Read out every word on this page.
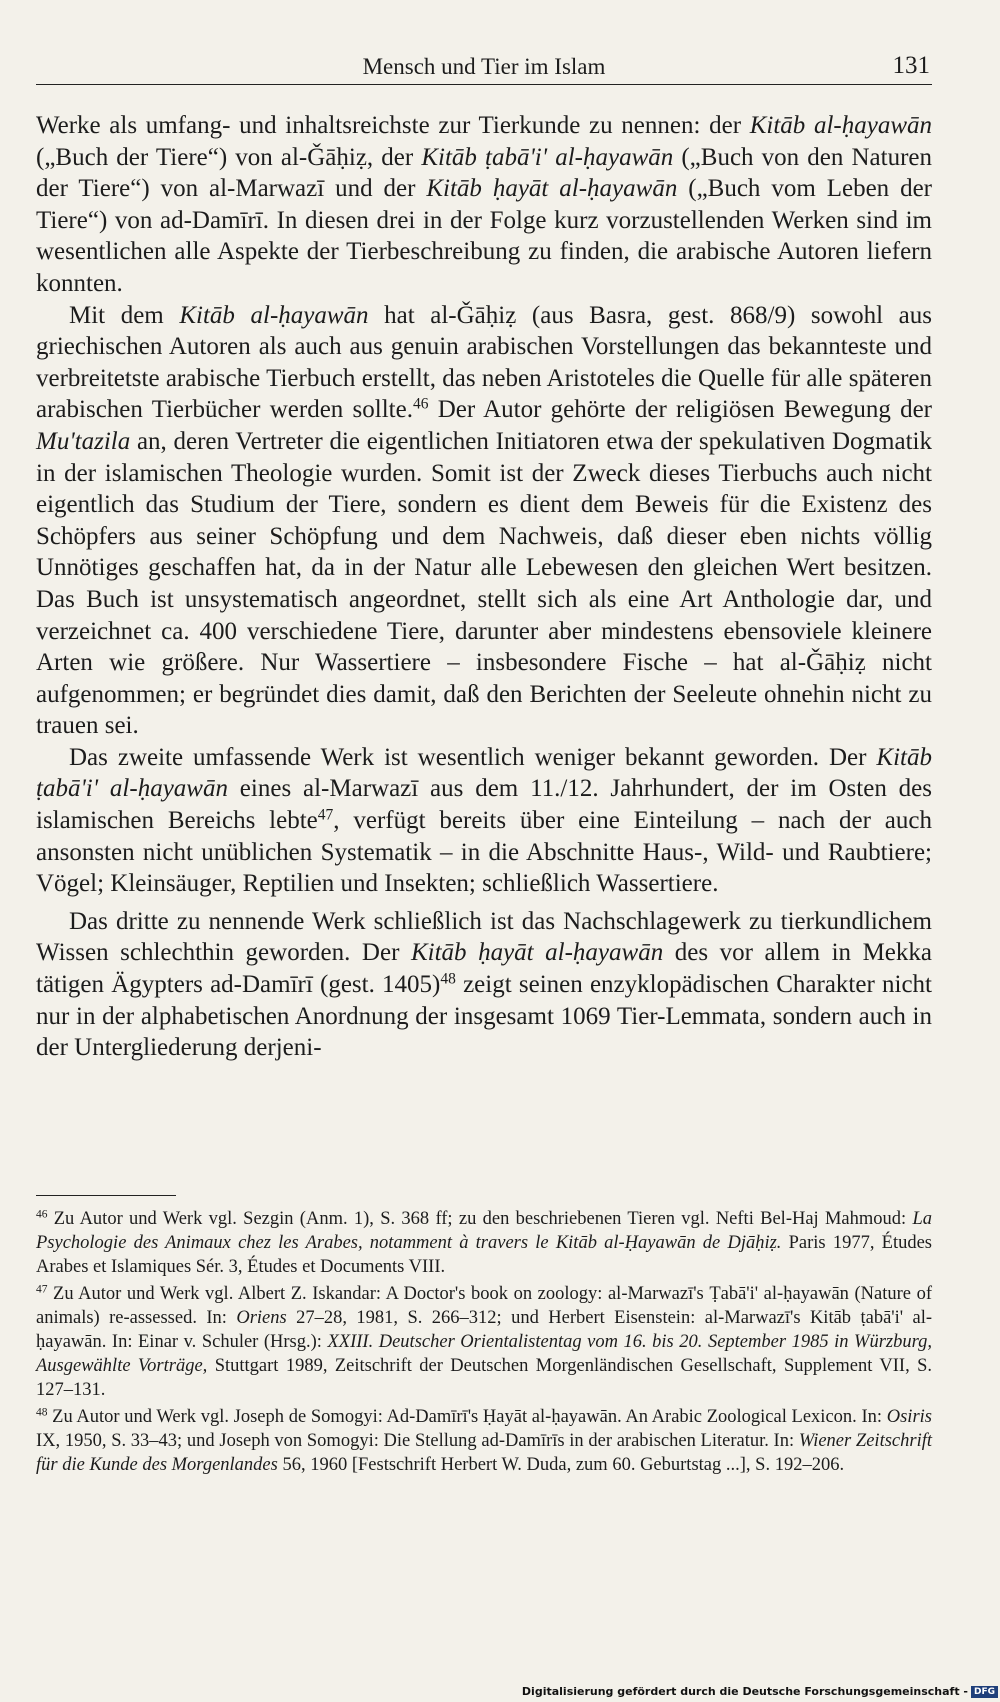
Mensch und Tier im Islam	131

Werke als umfang- und inhaltsreichste zur Tierkunde zu nennen: der Kitāb al-ḥayawān („Buch der Tiere“) von al-Ǧāḥiẓ, der Kitāb ṭabā'i' al-ḥayawān („Buch von den Naturen der Tiere“) von al-Marwazī und der Kitāb ḥayāt al-ḥayawān („Buch vom Leben der Tiere“) von ad-Damīrī. In diesen drei in der Folge kurz vorzustellenden Werken sind im wesentlichen alle Aspekte der Tierbeschreibung zu finden, die arabische Autoren liefern konnten.

Mit dem Kitāb al-ḥayawān hat al-Ǧāḥiẓ (aus Basra, gest. 868/9) sowohl aus griechischen Autoren als auch aus genuin arabischen Vorstellungen das bekannteste und verbreitetste arabische Tierbuch erstellt, das neben Aristoteles die Quelle für alle späteren arabischen Tierbücher werden sollte.$^{46}$ Der Autor gehörte der religiösen Bewegung der Mu'tazila an, deren Vertreter die eigentlichen Initiatoren etwa der spekulativen Dogmatik in der islamischen Theologie wurden. Somit ist der Zweck dieses Tierbuchs auch nicht eigentlich das Studium der Tiere, sondern es dient dem Beweis für die Existenz des Schöpfers aus seiner Schöpfung und dem Nachweis, daß dieser eben nichts völlig Unnötiges geschaffen hat, da in der Natur alle Lebewesen den gleichen Wert besitzen. Das Buch ist unsystematisch angeordnet, stellt sich als eine Art Anthologie dar, und verzeichnet ca. 400 verschiedene Tiere, darunter aber mindestens ebensoviele kleinere Arten wie größere. Nur Wassertiere – insbesondere Fische – hat al-Ǧāḥiẓ nicht aufgenommen; er begründet dies damit, daß den Berichten der Seeleute ohnehin nicht zu trauen sei.

Das zweite umfassende Werk ist wesentlich weniger bekannt geworden. Der Kitāb ṭabā'i' al-ḥayawān eines al-Marwazī aus dem 11./12. Jahrhundert, der im Osten des islamischen Bereichs lebte$^{47}$, verfügt bereits über eine Einteilung – nach der auch ansonsten nicht unüblichen Systematik – in die Abschnitte Haus-, Wild- und Raubtiere; Vögel; Kleinsäuger, Reptilien und Insekten; schließlich Wassertiere.

Das dritte zu nennende Werk schließlich ist das Nachschlagewerk zu tierkundlichem Wissen schlechthin geworden. Der Kitāb ḥayāt al-ḥayawān des vor allem in Mekka tätigen Ägypters ad-Damīrī (gest. 1405)$^{48}$ zeigt seinen enzyklopädischen Charakter nicht nur in der alphabetischen Anordnung der insgesamt 1069 Tier-Lemmata, sondern auch in der Untergliederung derjeni-

$^{46}$ Zu Autor und Werk vgl. Sezgin (Anm. 1), S. 368 ff; zu den beschriebenen Tieren vgl. Nefti Bel-Haj Mahmoud: La Psychologie des Animaux chez les Arabes, notamment à travers le Kitāb al-Ḥayawān de Djāḥiẓ. Paris 1977, Études Arabes et Islamiques Sér. 3, Études et Documents VIII.

$^{47}$ Zu Autor und Werk vgl. Albert Z. Iskandar: A Doctor's book on zoology: al-Marwazī's Ṭabā'i' al-ḥayawān (Nature of animals) re-assessed. In: Oriens 27–28, 1981, S. 266–312; und Herbert Eisenstein: al-Marwazī's Kitāb ṭabā'i' al-ḥayawān. In: Einar v. Schuler (Hrsg.): XXIII. Deutscher Orientalistentag vom 16. bis 20. September 1985 in Würzburg, Ausgewählte Vorträge, Stuttgart 1989, Zeitschrift der Deutschen Morgenländischen Gesellschaft, Supplement VII, S. 127–131.

$^{48}$ Zu Autor und Werk vgl. Joseph de Somogyi: Ad-Damīrī's Ḥayāt al-ḥayawān. An Arabic Zoological Lexicon. In: Osiris IX, 1950, S. 33–43; und Joseph von Somogyi: Die Stellung ad-Damīrīs in der arabischen Literatur. In: Wiener Zeitschrift für die Kunde des Morgenlandes 56, 1960 [Festschrift Herbert W. Duda, zum 60. Geburtstag ...], S. 192–206.

Digitalisierung gefördert durch die Deutsche Forschungsgemeinschaft - DFG
